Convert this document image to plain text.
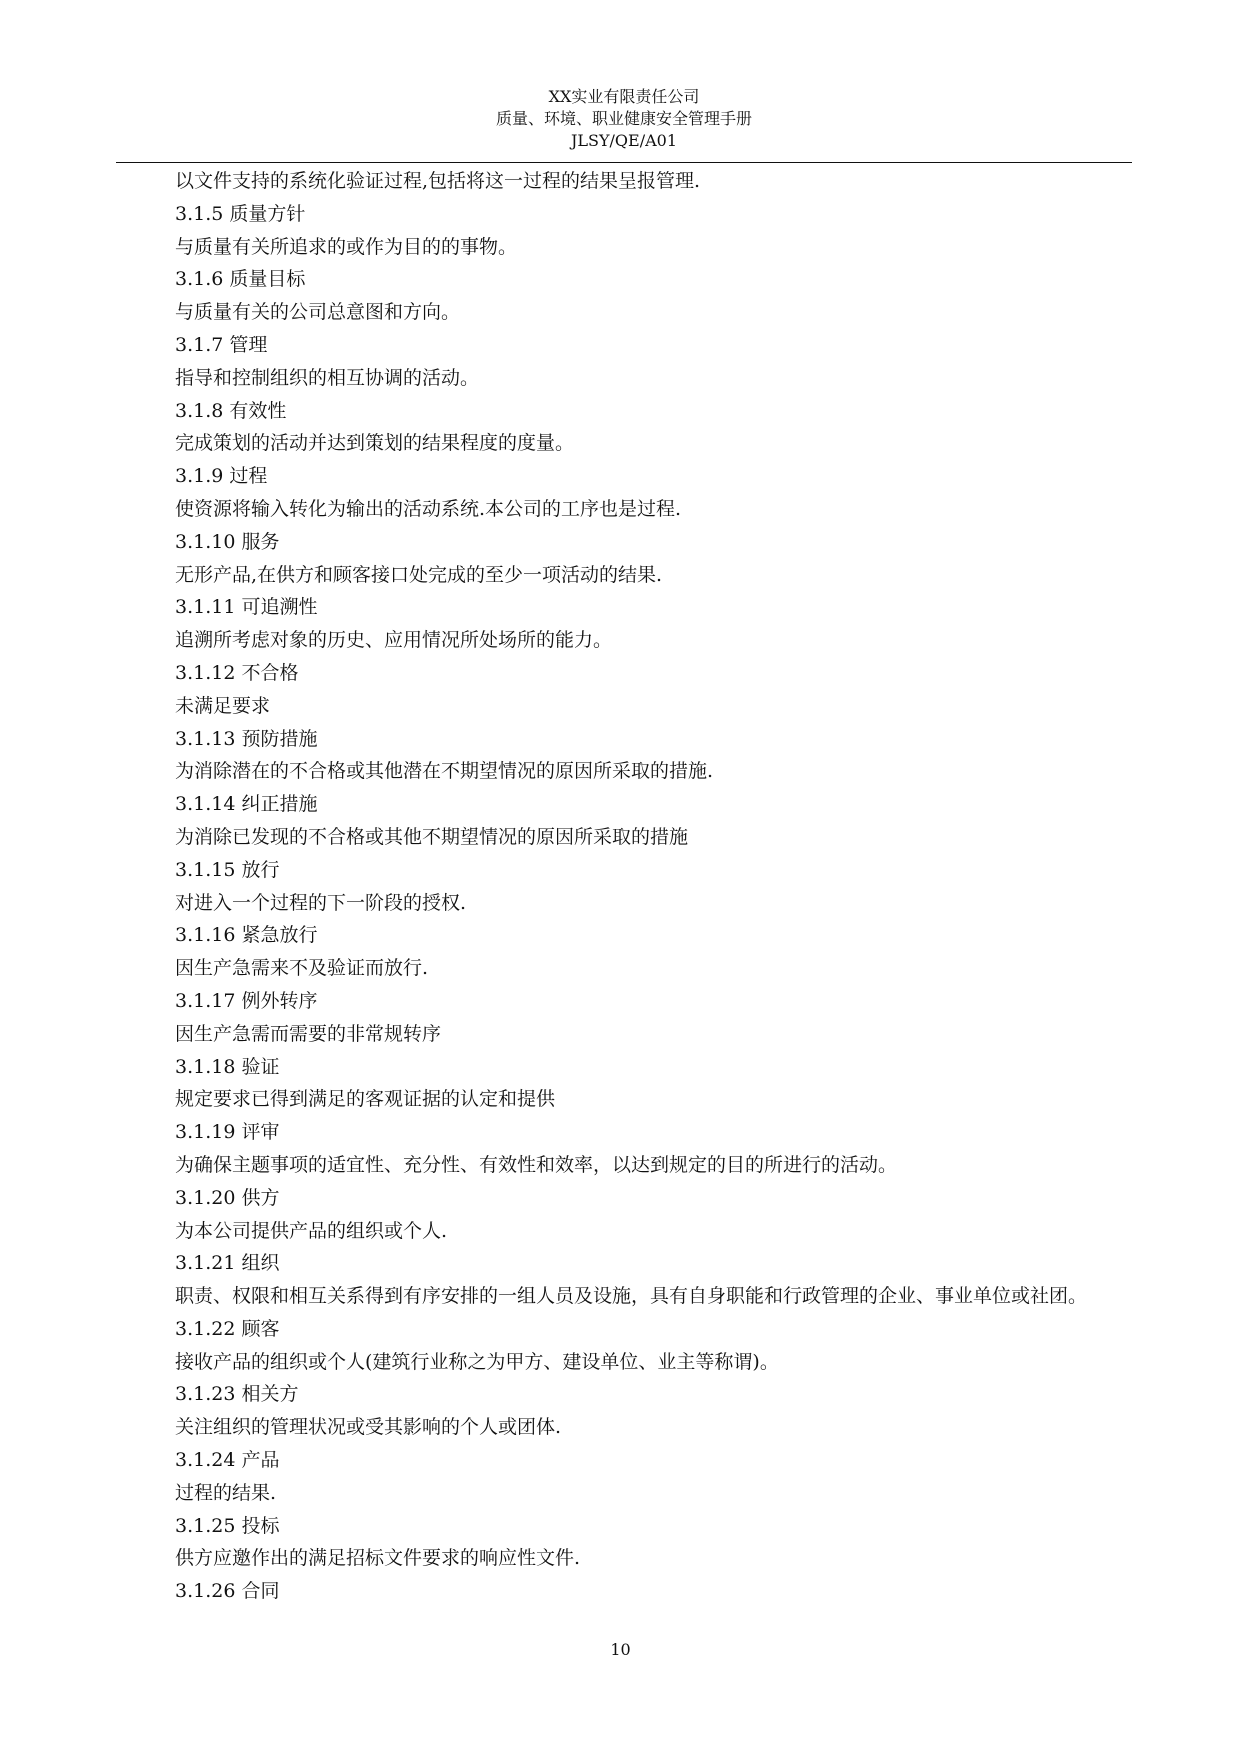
XX实业有限责任公司
质量、环境、职业健康安全管理手册
JLSY/QE/A01
以文件支持的系统化验证过程,包括将这一过程的结果呈报管理.
3.1.5 质量方针
与质量有关所追求的或作为目的的事物。
3.1.6 质量目标
与质量有关的公司总意图和方向。
3.1.7 管理
指导和控制组织的相互协调的活动。
3.1.8 有效性
完成策划的活动并达到策划的结果程度的度量。
3.1.9 过程
使资源将输入转化为输出的活动系统.本公司的工序也是过程.
3.1.10 服务
无形产品,在供方和顾客接口处完成的至少一项活动的结果.
3.1.11 可追溯性
追溯所考虑对象的历史、应用情况所处场所的能力。
3.1.12 不合格
未满足要求
3.1.13 预防措施
为消除潜在的不合格或其他潜在不期望情况的原因所采取的措施.
3.1.14 纠正措施
为消除已发现的不合格或其他不期望情况的原因所采取的措施
3.1.15 放行
对进入一个过程的下一阶段的授权.
3.1.16 紧急放行
因生产急需来不及验证而放行.
3.1.17 例外转序
因生产急需而需要的非常规转序
3.1.18 验证
规定要求已得到满足的客观证据的认定和提供
3.1.19 评审
为确保主题事项的适宜性、充分性、有效性和效率，以达到规定的目的所进行的活动。
3.1.20 供方
为本公司提供产品的组织或个人.
3.1.21 组织
职责、权限和相互关系得到有序安排的一组人员及设施，具有自身职能和行政管理的企业、事业单位或社团。
3.1.22 顾客
接收产品的组织或个人(建筑行业称之为甲方、建设单位、业主等称谓)。
3.1.23 相关方
关注组织的管理状况或受其影响的个人或团体.
3.1.24 产品
过程的结果.
3.1.25 投标
供方应邀作出的满足招标文件要求的响应性文件.
3.1.26 合同
10
